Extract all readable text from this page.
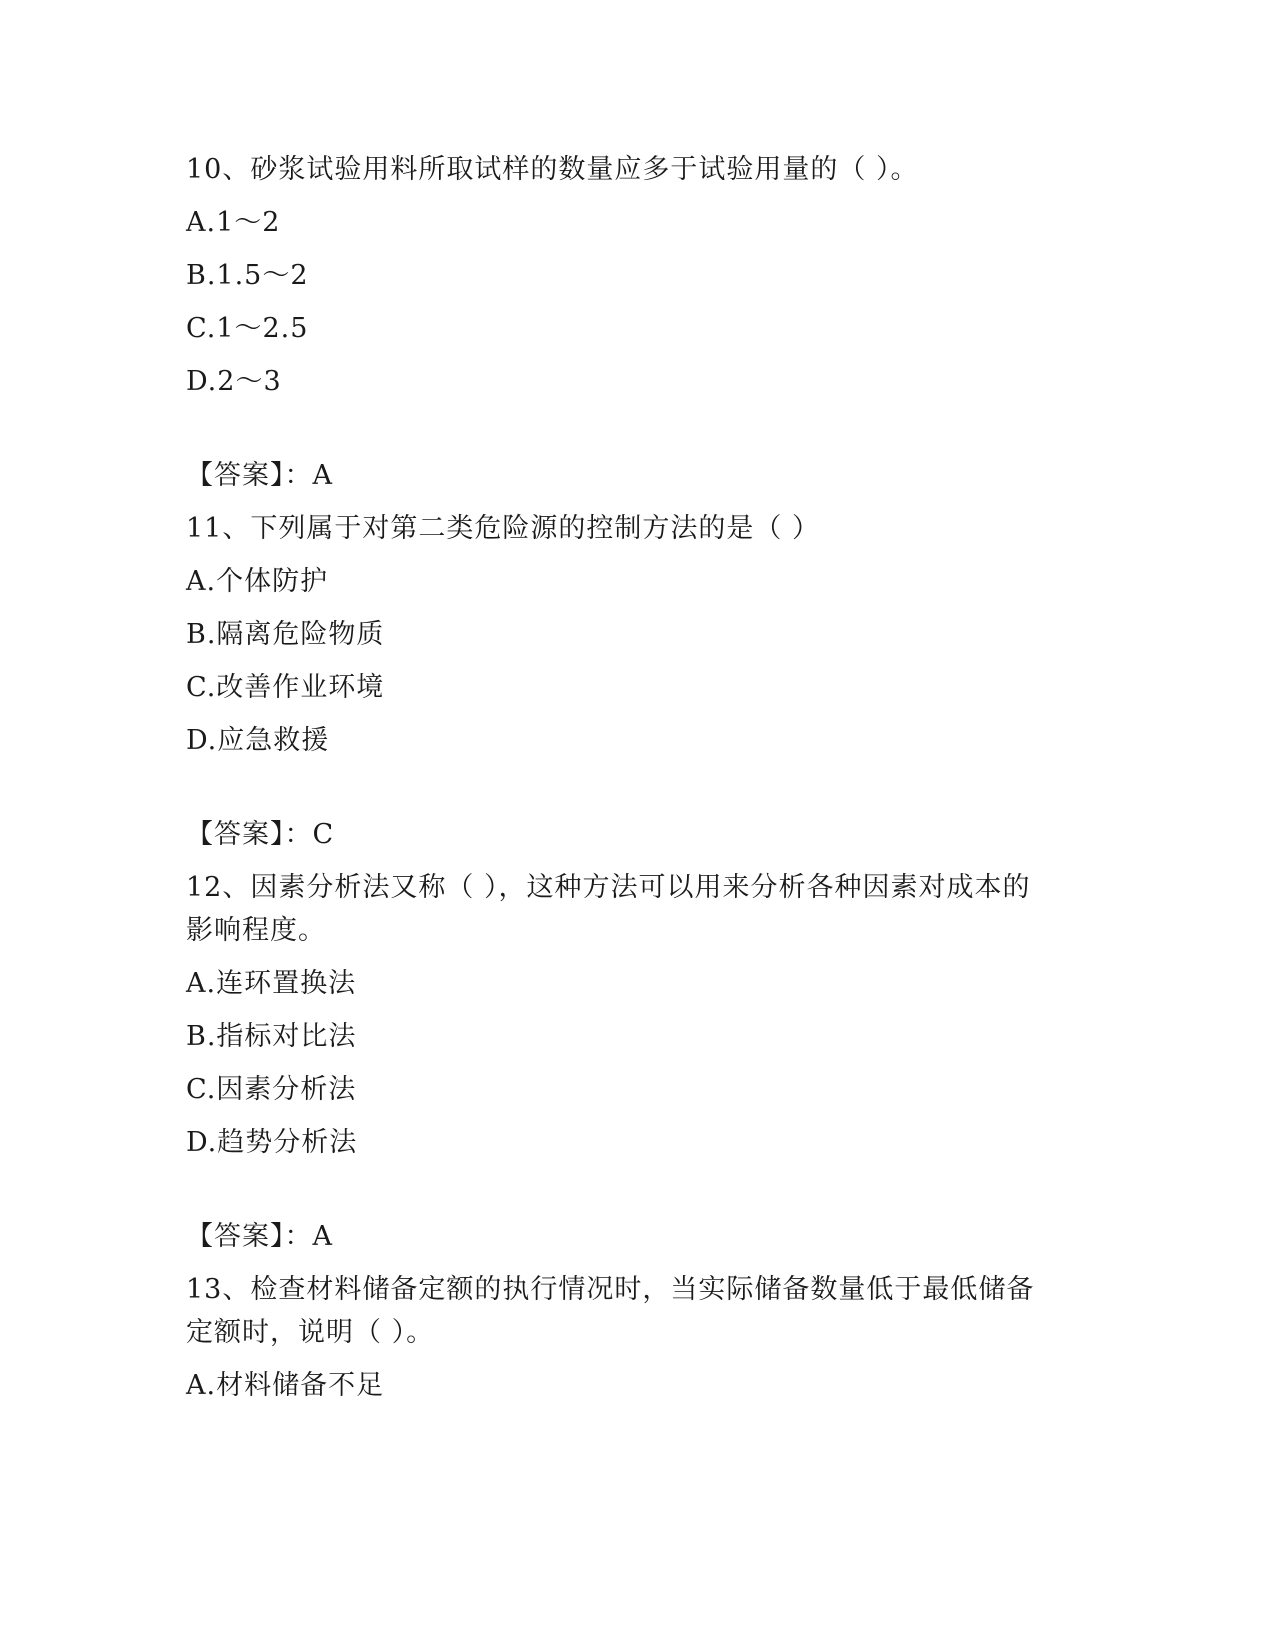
10、砂浆试验用料所取试样的数量应多于试验用量的（ ）。
A.1～2
B.1.5～2
C.1～2.5
D.2～3
【答案】：A
11、下列属于对第二类危险源的控制方法的是（ ）
A.个体防护
B.隔离危险物质
C.改善作业环境
D.应急救援
【答案】：C
12、因素分析法又称（ ），这种方法可以用来分析各种因素对成本的
影响程度。
A.连环置换法
B.指标对比法
C.因素分析法
D.趋势分析法
【答案】：A
13、检查材料储备定额的执行情况时，当实际储备数量低于最低储备
定额时，说明（ ）。
A.材料储备不足
